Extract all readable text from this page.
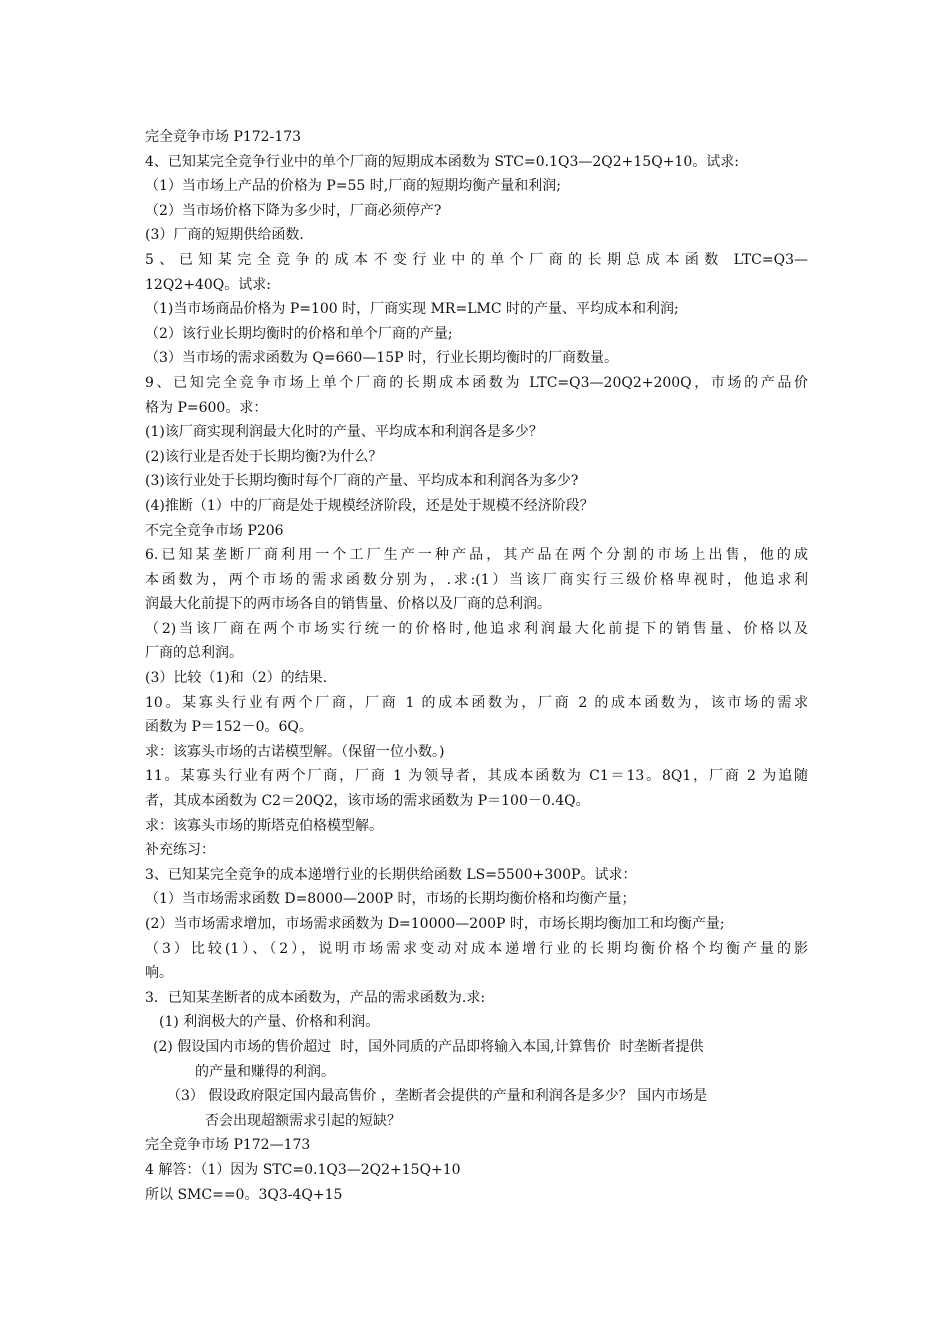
完全竞争市场 P172-173
4、已知某完全竞争行业中的单个厂商的短期成本函数为 STC=0.1Q3—2Q2+15Q+10。试求:
（1）当市场上产品的价格为 P=55 时,厂商的短期均衡产量和利润;
（2）当市场价格下降为多少时，厂商必须停产?
(3）厂商的短期供给函数.
5、已知某完全竞争的成本不变行业中的单个厂商的长期总成本函数 LTC=Q3—
12Q2+40Q。试求:
（1)当市场商品价格为 P=100 时，厂商实现 MR=LMC 时的产量、平均成本和利润;
（2）该行业长期均衡时的价格和单个厂商的产量;
（3）当市场的需求函数为 Q=660—15P 时，行业长期均衡时的厂商数量。
9、已知完全竞争市场上单个厂商的长期成本函数为 LTC=Q3—20Q2+200Q，市场的产品价
格为 P=600。求：
(1)该厂商实现利润最大化时的产量、平均成本和利润各是多少？
(2)该行业是否处于长期均衡?为什么？
(3)该行业处于长期均衡时每个厂商的产量、平均成本和利润各为多少?
(4)推断（1）中的厂商是处于规模经济阶段，还是处于规模不经济阶段？
不完全竞争市场 P206
6.已知某垄断厂商利用一个工厂生产一种产品，其产品在两个分割的市场上出售，他的成
本函数为，两个市场的需求函数分别为，.求:(1）当该厂商实行三级价格卑视时，他追求利
润最大化前提下的两市场各自的销售量、价格以及厂商的总利润。
（2)当该厂商在两个市场实行统一的价格时,他追求利润最大化前提下的销售量、价格以及
厂商的总利润。
(3）比较（1)和（2）的结果.
10。某寡头行业有两个厂商，厂商 1 的成本函数为，厂商 2 的成本函数为，该市场的需求
函数为 P＝152－0。6Q。
求：该寡头市场的古诺模型解。（保留一位小数。)
11。某寡头行业有两个厂商，厂商 1 为领导者，其成本函数为 C1＝13。8Q1，厂商 2 为追随
者，其成本函数为 C2＝20Q2，该市场的需求函数为 P＝100－0.4Q。
求：该寡头市场的斯塔克伯格模型解。
补充练习：
3、已知某完全竞争的成本递增行业的长期供给函数 LS=5500+300P。试求：
（1）当市场需求函数 D=8000—200P 时，市场的长期均衡价格和均衡产量；
(2）当市场需求增加，市场需求函数为 D=10000—200P 时，市场长期均衡加工和均衡产量;
（3）比较(1）、（2），说明市场需求变动对成本递增行业的长期均衡价格个均衡产量的影
响。
3．已知某垄断者的成本函数为，产品的需求函数为.求:
(1) 利润极大的产量、价格和利润。
(2) 假设国内市场的售价超过  时，国外同质的产品即将输入本国,计算售价  时垄断者提供
的产量和赚得的利润。
（3） 假设政府限定国内最高售价 ，垄断者会提供的产量和利润各是多少？ 国内市场是
否会出现超额需求引起的短缺？
完全竞争市场 P172—173
4 解答：（1）因为 STC=0.1Q3—2Q2+15Q+10
所以 SMC==0。3Q3-4Q+15
